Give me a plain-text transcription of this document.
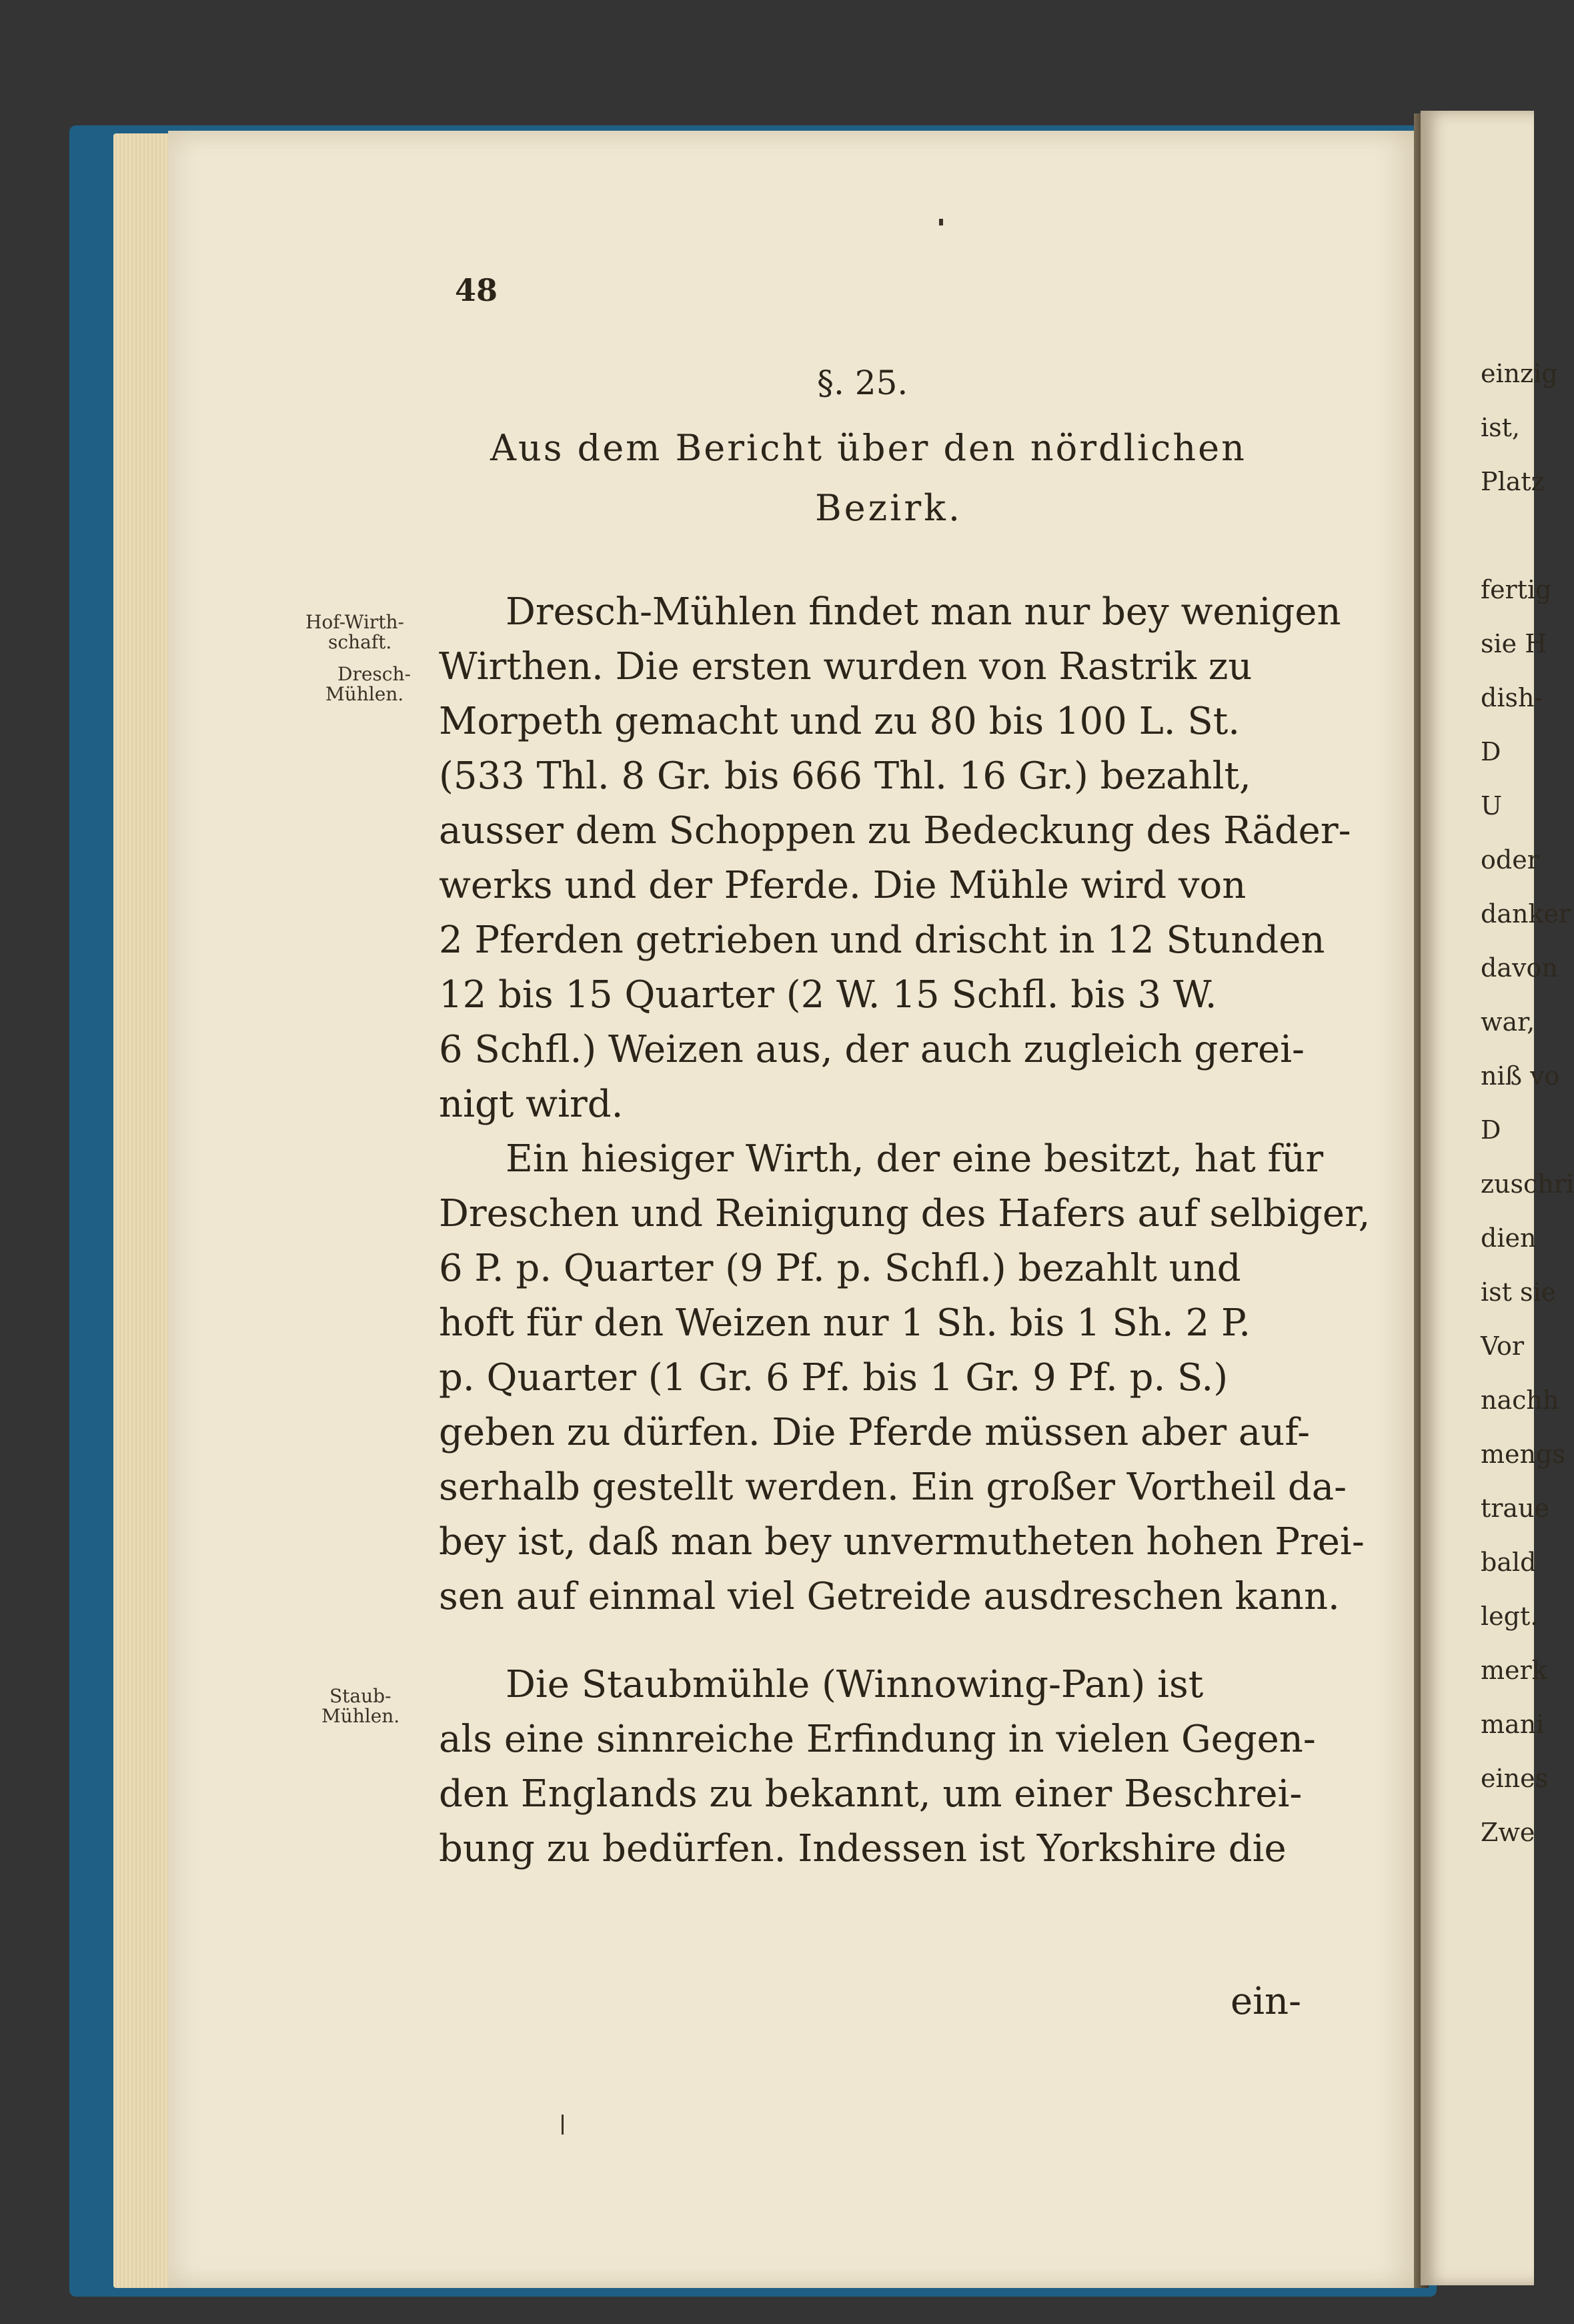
48
§. 25.
Aus dem Bericht über den nördlichen
Bezirk.
Hof-Wirth-
schaft.
Dresch-
Mühlen.
Staub-
Mühlen.
Dresch-Mühlen findet man nur bey wenigen
Wirthen. Die ersten wurden von Rastrik zu
Morpeth gemacht und zu 80 bis 100 L. St.
(533 Thl. 8 Gr. bis 666 Thl. 16 Gr.) bezahlt,
ausser dem Schoppen zu Bedeckung des Räder-
werks und der Pferde. Die Mühle wird von
2 Pferden getrieben und drischt in 12 Stunden
12 bis 15 Quarter (2 W. 15 Schfl. bis 3 W.
6 Schfl.) Weizen aus, der auch zugleich gerei-
nigt wird.
Ein hiesiger Wirth, der eine besitzt, hat für
Dreschen und Reinigung des Hafers auf selbiger,
6 P. p. Quarter (9 Pf. p. Schfl.) bezahlt und
hoft für den Weizen nur 1 Sh. bis 1 Sh. 2 P.
p. Quarter (1 Gr. 6 Pf. bis 1 Gr. 9 Pf. p. S.)
geben zu dürfen. Die Pferde müssen aber auf-
serhalb gestellt werden. Ein großer Vortheil da-
bey ist, daß man bey unvermutheten hohen Prei-
sen auf einmal viel Getreide ausdreschen kann.
Die Staubmühle (Winnowing-Pan) ist
als eine sinnreiche Erfindung in vielen Gegen-
den Englands zu bekannt, um einer Beschrei-
bung zu bedürfen. Indessen ist Yorkshire die
ein-
einzig
ist,
Platz
fertig
sie H
dish-
D
U
oder
danker
davon
war,
niß vo
D
zuschri
dien
ist sie
Vor
nachh
mengs
traue
bald
legt.
merk
mani
eines
Zwe
